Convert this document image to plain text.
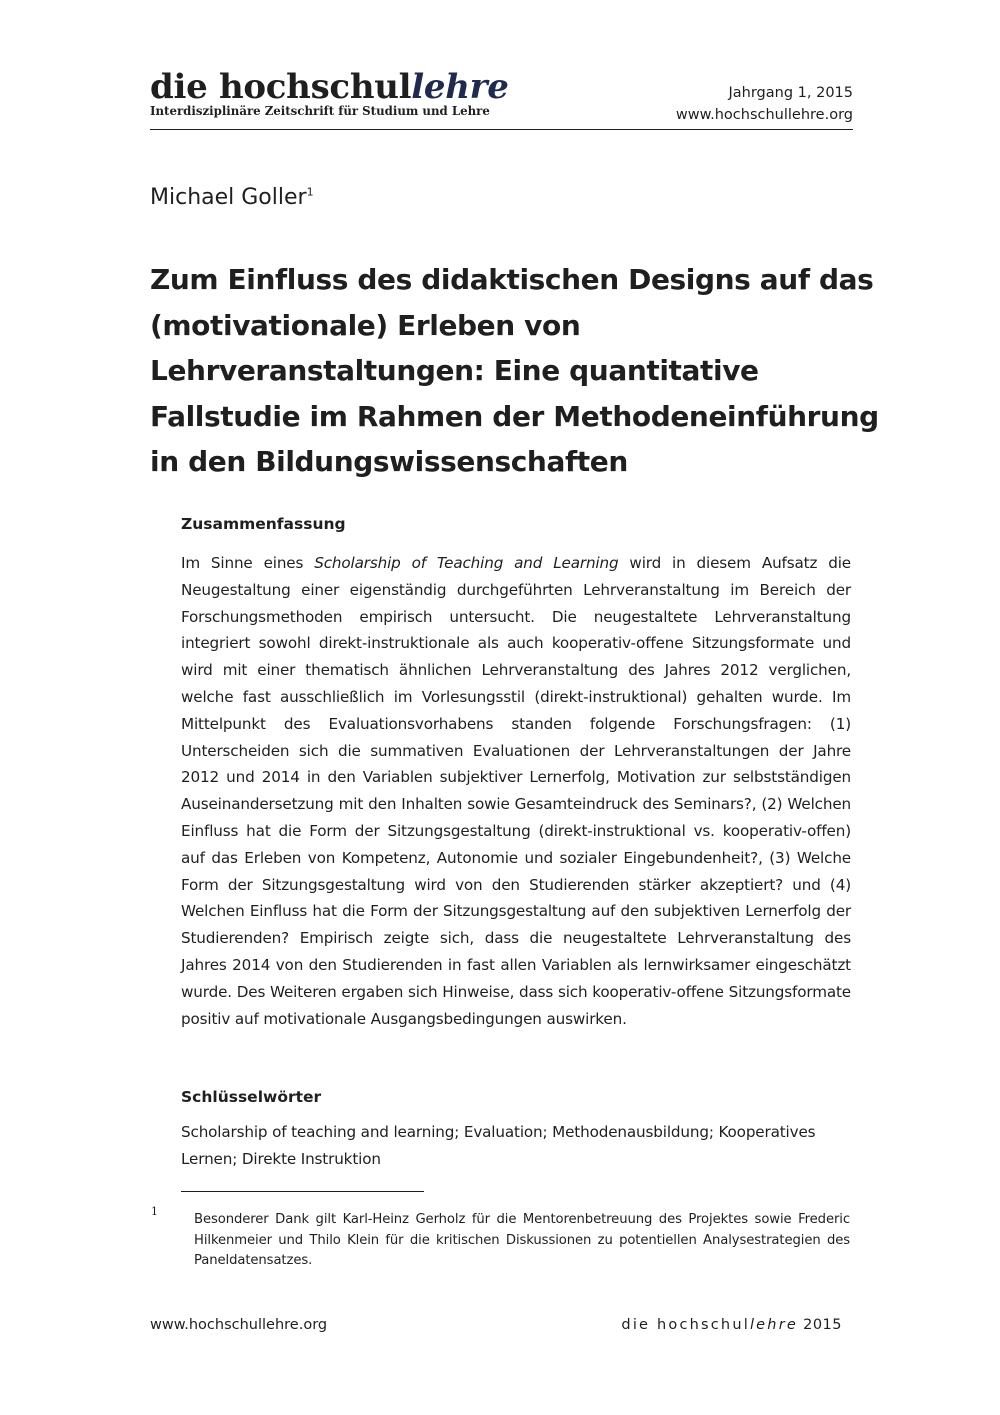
die hochschullehre
Interdisziplinäre Zeitschrift für Studium und Lehre
Jahrgang 1, 2015
www.hochschullehre.org
Michael Goller$^1$
Zum Einfluss des didaktischen Designs auf das
(motivationale) Erleben von
Lehrveranstaltungen: Eine quantitative
Fallstudie im Rahmen der Methodeneinführung
in den Bildungswissenschaften
Zusammenfassung
Im Sinne eines Scholarship of Teaching and Learning wird in diesem Aufsatz die Neugestaltung einer eigenständig durchgeführten Lehrveranstaltung im Bereich der Forschungsmethoden empirisch untersucht. Die neugestaltete Lehrveranstaltung integriert sowohl direkt-instruktionale als auch kooperativ-offene Sitzungsformate und wird mit einer thematisch ähnlichen Lehrveranstaltung des Jahres 2012 verglichen, welche fast ausschließlich im Vorlesungsstil (direkt-instruktional) gehalten wurde. Im Mittelpunkt des Evaluationsvorhabens standen folgende Forschungsfragen: (1) Unterscheiden sich die summativen Evaluationen der Lehrveranstaltungen der Jahre 2012 und 2014 in den Variablen subjektiver Lernerfolg, Motivation zur selbstständigen Auseinandersetzung mit den Inhalten sowie Gesamteindruck des Seminars?, (2) Welchen Einfluss hat die Form der Sitzungsgestaltung (direkt-instruktional vs. kooperativ-offen) auf das Erleben von Kompetenz, Autonomie und sozialer Eingebundenheit?, (3) Welche Form der Sitzungsgestaltung wird von den Studierenden stärker akzeptiert? und (4) Welchen Einfluss hat die Form der Sitzungsgestaltung auf den subjektiven Lernerfolg der Studierenden? Empirisch zeigte sich, dass die neugestaltete Lehrveranstaltung des Jahres 2014 von den Studierenden in fast allen Variablen als lernwirksamer eingeschätzt wurde. Des Weiteren ergaben sich Hinweise, dass sich kooperativ-offene Sitzungsformate positiv auf motivationale Ausgangsbedingungen auswirken.
Schlüsselwörter
Scholarship of teaching and learning; Evaluation; Methodenausbildung; Kooperatives Lernen; Direkte Instruktion
1
Besonderer Dank gilt Karl-Heinz Gerholz für die Mentorenbetreuung des Projektes sowie Frederic Hilkenmeier und Thilo Klein für die kritischen Diskussionen zu potentiellen Analysestrategien des Paneldatensatzes.
www.hochschullehre.org	die hochschullehre 2015
